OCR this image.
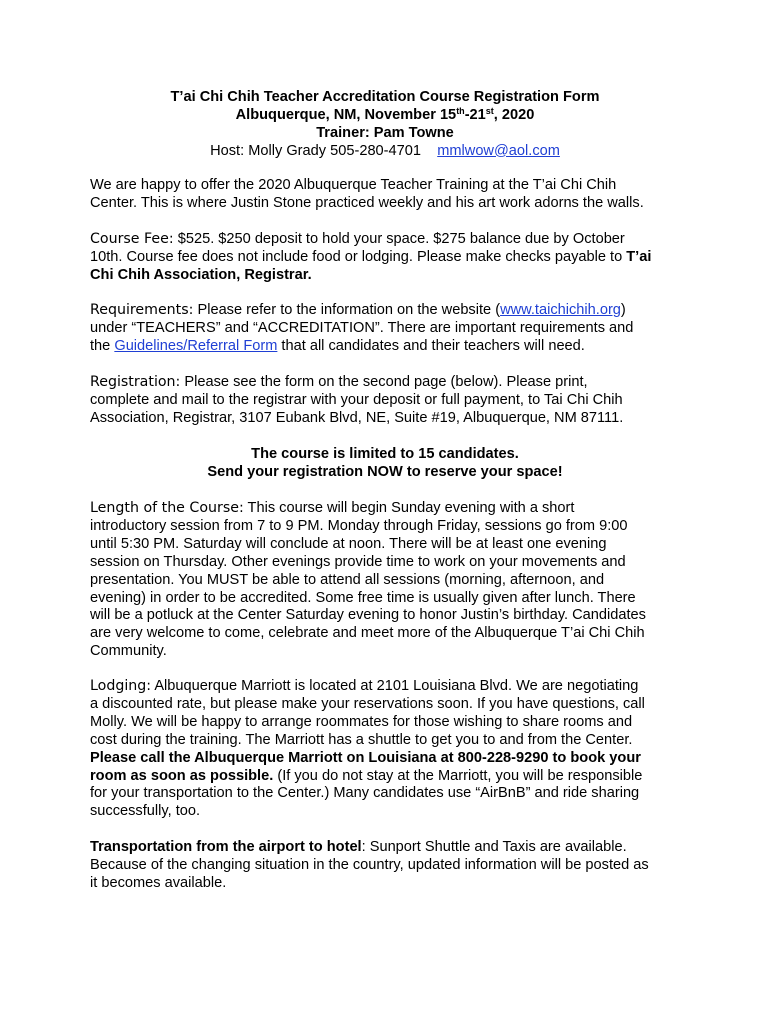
T’ai Chi Chih Teacher Accreditation Course Registration Form
Albuquerque, NM, November 15th-21st, 2020
Trainer: Pam Towne
Host: Molly Grady 505-280-4701 mmlwow@aol.com
We are happy to offer the 2020 Albuquerque Teacher Training at the T’ai Chi Chih
Center. This is where Justin Stone practiced weekly and his art work adorns the walls.
Course Fee: $525. $250 deposit to hold your space. $275 balance due by October
10th. Course fee does not include food or lodging. Please make checks payable to T’ai
Chi Chih Association, Registrar.
Requirements: Please refer to the information on the website (www.taichichih.org)
under “TEACHERS” and “ACCREDITATION”. There are important requirements and
the Guidelines/Referral Form that all candidates and their teachers will need.
Registration: Please see the form on the second page (below). Please print,
complete and mail to the registrar with your deposit or full payment, to Tai Chi Chih
Association, Registrar, 3107 Eubank Blvd, NE, Suite #19, Albuquerque, NM 87111.
The course is limited to 15 candidates.
Send your registration NOW to reserve your space!
Length of the Course: This course will begin Sunday evening with a short
introductory session from 7 to 9 PM. Monday through Friday, sessions go from 9:00
until 5:30 PM. Saturday will conclude at noon. There will be at least one evening
session on Thursday. Other evenings provide time to work on your movements and
presentation. You MUST be able to attend all sessions (morning, afternoon, and
evening) in order to be accredited. Some free time is usually given after lunch. There
will be a potluck at the Center Saturday evening to honor Justin’s birthday. Candidates
are very welcome to come, celebrate and meet more of the Albuquerque T’ai Chi Chih
Community.
Lodging: Albuquerque Marriott is located at 2101 Louisiana Blvd. We are negotiating
a discounted rate, but please make your reservations soon. If you have questions, call
Molly. We will be happy to arrange roommates for those wishing to share rooms and
cost during the training. The Marriott has a shuttle to get you to and from the Center.
Please call the Albuquerque Marriott on Louisiana at 800-228-9290 to book your
room as soon as possible. (If you do not stay at the Marriott, you will be responsible
for your transportation to the Center.) Many candidates use “AirBnB” and ride sharing
successfully, too.
Transportation from the airport to hotel: Sunport Shuttle and Taxis are available.
Because of the changing situation in the country, updated information will be posted as
it becomes available.
